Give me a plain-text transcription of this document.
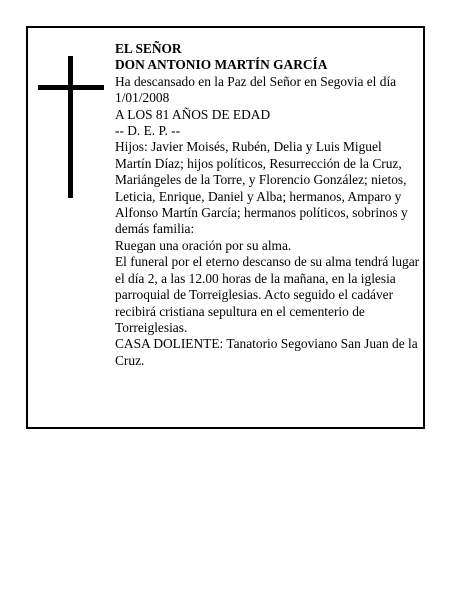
EL SEÑOR

DON ANTONIO MARTÍN GARCÍA

Ha descansado en la Paz del Señor en Segovia el día 1/01/2008

A LOS 81 AÑOS DE EDAD

-- D. E. P. --

Hijos: Javier Moisés, Rubén, Delia y Luis Miguel Martín Díaz; hijos políticos, Resurrección de la Cruz, Mariángeles de la Torre, y Florencio González; nietos, Leticia, Enrique, Daniel y Alba; hermanos, Amparo y Alfonso Martín García; hermanos políticos, sobrinos y demás familia:

Ruegan una oración por su alma.

El funeral por el eterno descanso de su alma tendrá lugar el día 2, a las 12.00 horas de la mañana, en la iglesia parroquial de Torreiglesias. Acto seguido el cadáver recibirá cristiana sepultura en el cementerio de Torreiglesias.

CASA DOLIENTE: Tanatorio Segoviano San Juan de la Cruz.
